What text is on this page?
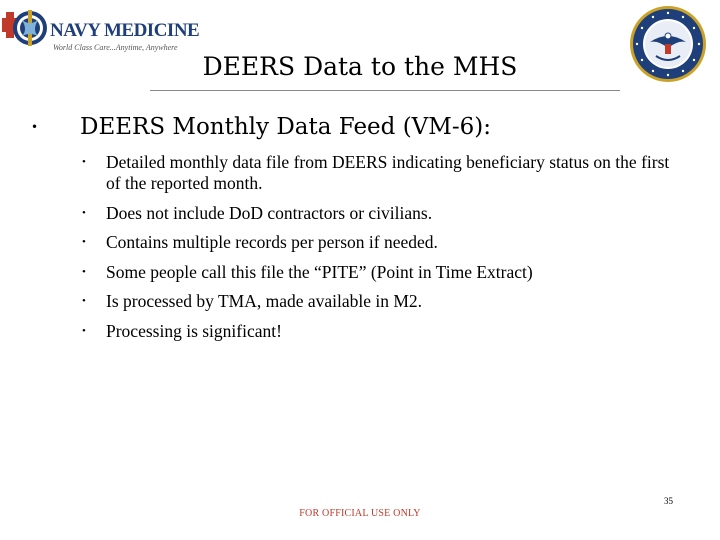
NAVY MEDICINE
World Class Care...Anytime, Anywhere
DEERS Data to the MHS
• DEERS Monthly Data Feed (VM-6):
• Detailed monthly data file from DEERS indicating beneficiary status on the first of the reported month.
• Does not include DoD contractors or civilians.
• Contains multiple records per person if needed.
• Some people call this file the “PITE” (Point in Time Extract)
• Is processed by TMA, made available in M2.
• Processing is significant!
35
FOR OFFICIAL USE ONLY
